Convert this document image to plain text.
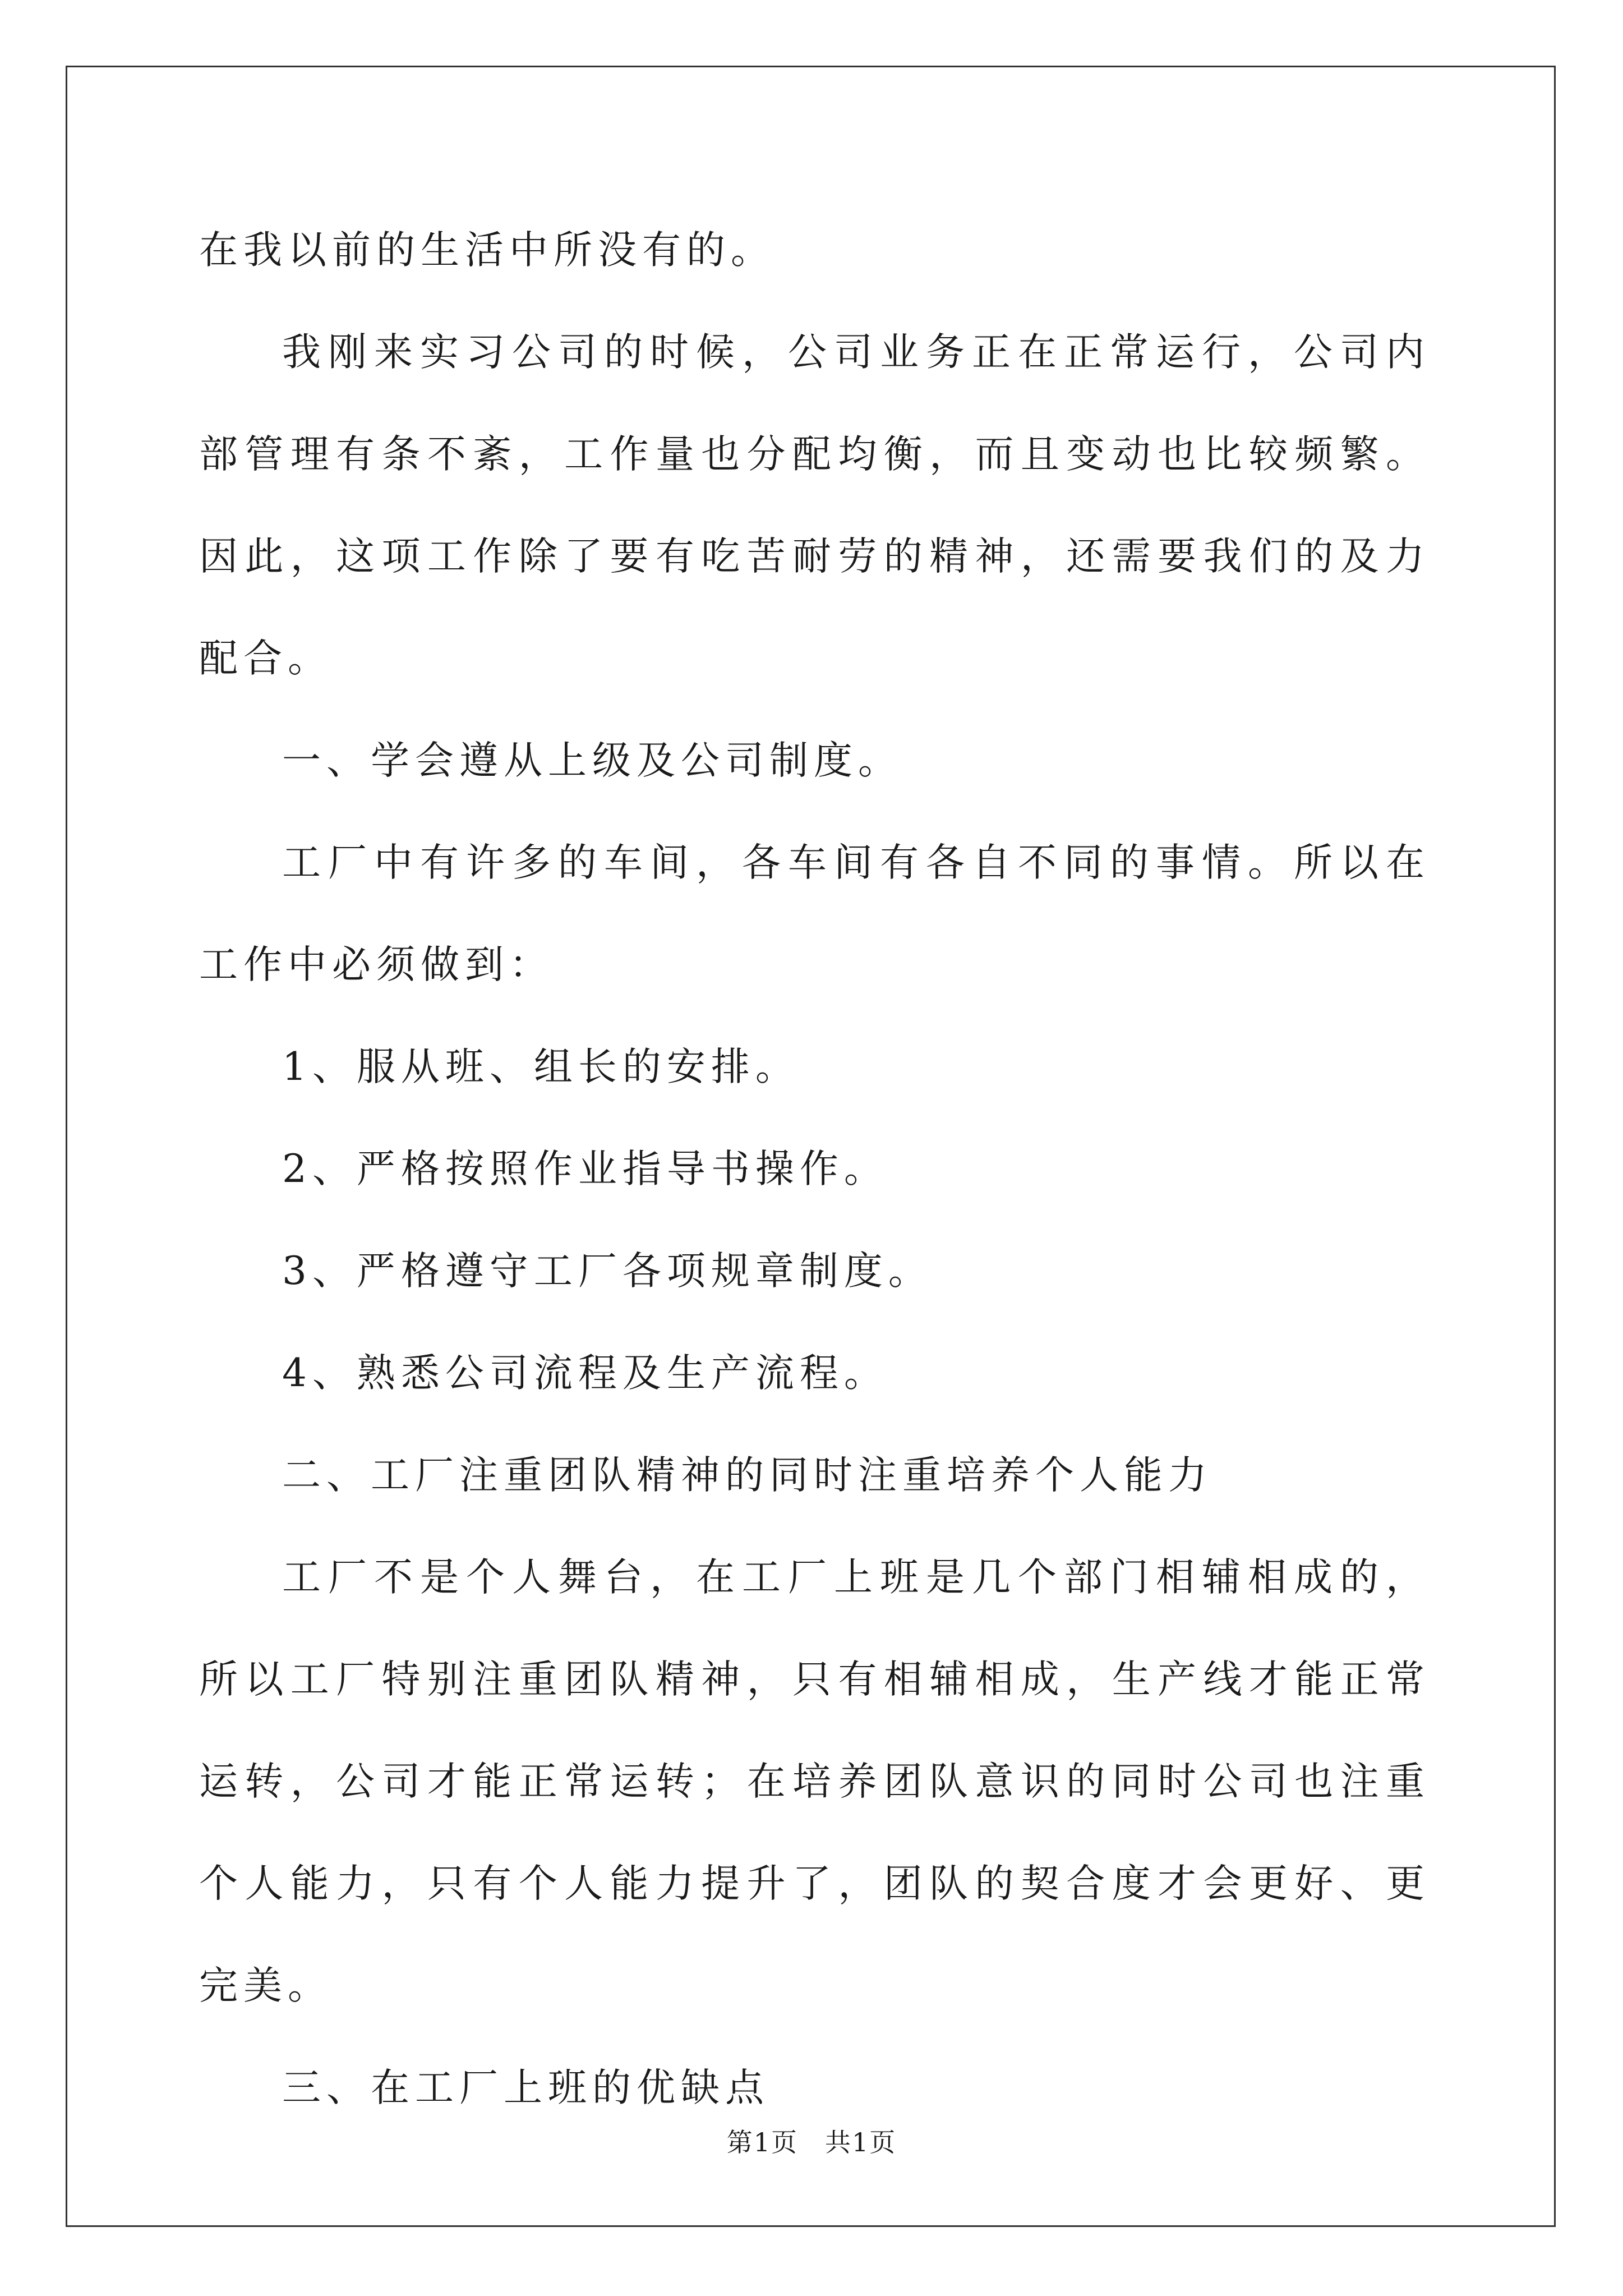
在我以前的生活中所没有的。

我刚来实习公司的时候，公司业务正在正常运行，公司内部管理有条不紊，工作量也分配均衡，而且变动也比较频繁。因此，这项工作除了要有吃苦耐劳的精神，还需要我们的及力配合。

一、学会遵从上级及公司制度。

工厂中有许多的车间，各车间有各自不同的事情。所以在工作中必须做到：

1、服从班、组长的安排。

2、严格按照作业指导书操作。

3、严格遵守工厂各项规章制度。

4、熟悉公司流程及生产流程。

二、工厂注重团队精神的同时注重培养个人能力

工厂不是个人舞台，在工厂上班是几个部门相辅相成的，所以工厂特别注重团队精神，只有相辅相成，生产线才能正常运转，公司才能正常运转；在培养团队意识的同时公司也注重个人能力，只有个人能力提升了，团队的契合度才会更好、更完美。

三、在工厂上班的优缺点

第1页　共1页
